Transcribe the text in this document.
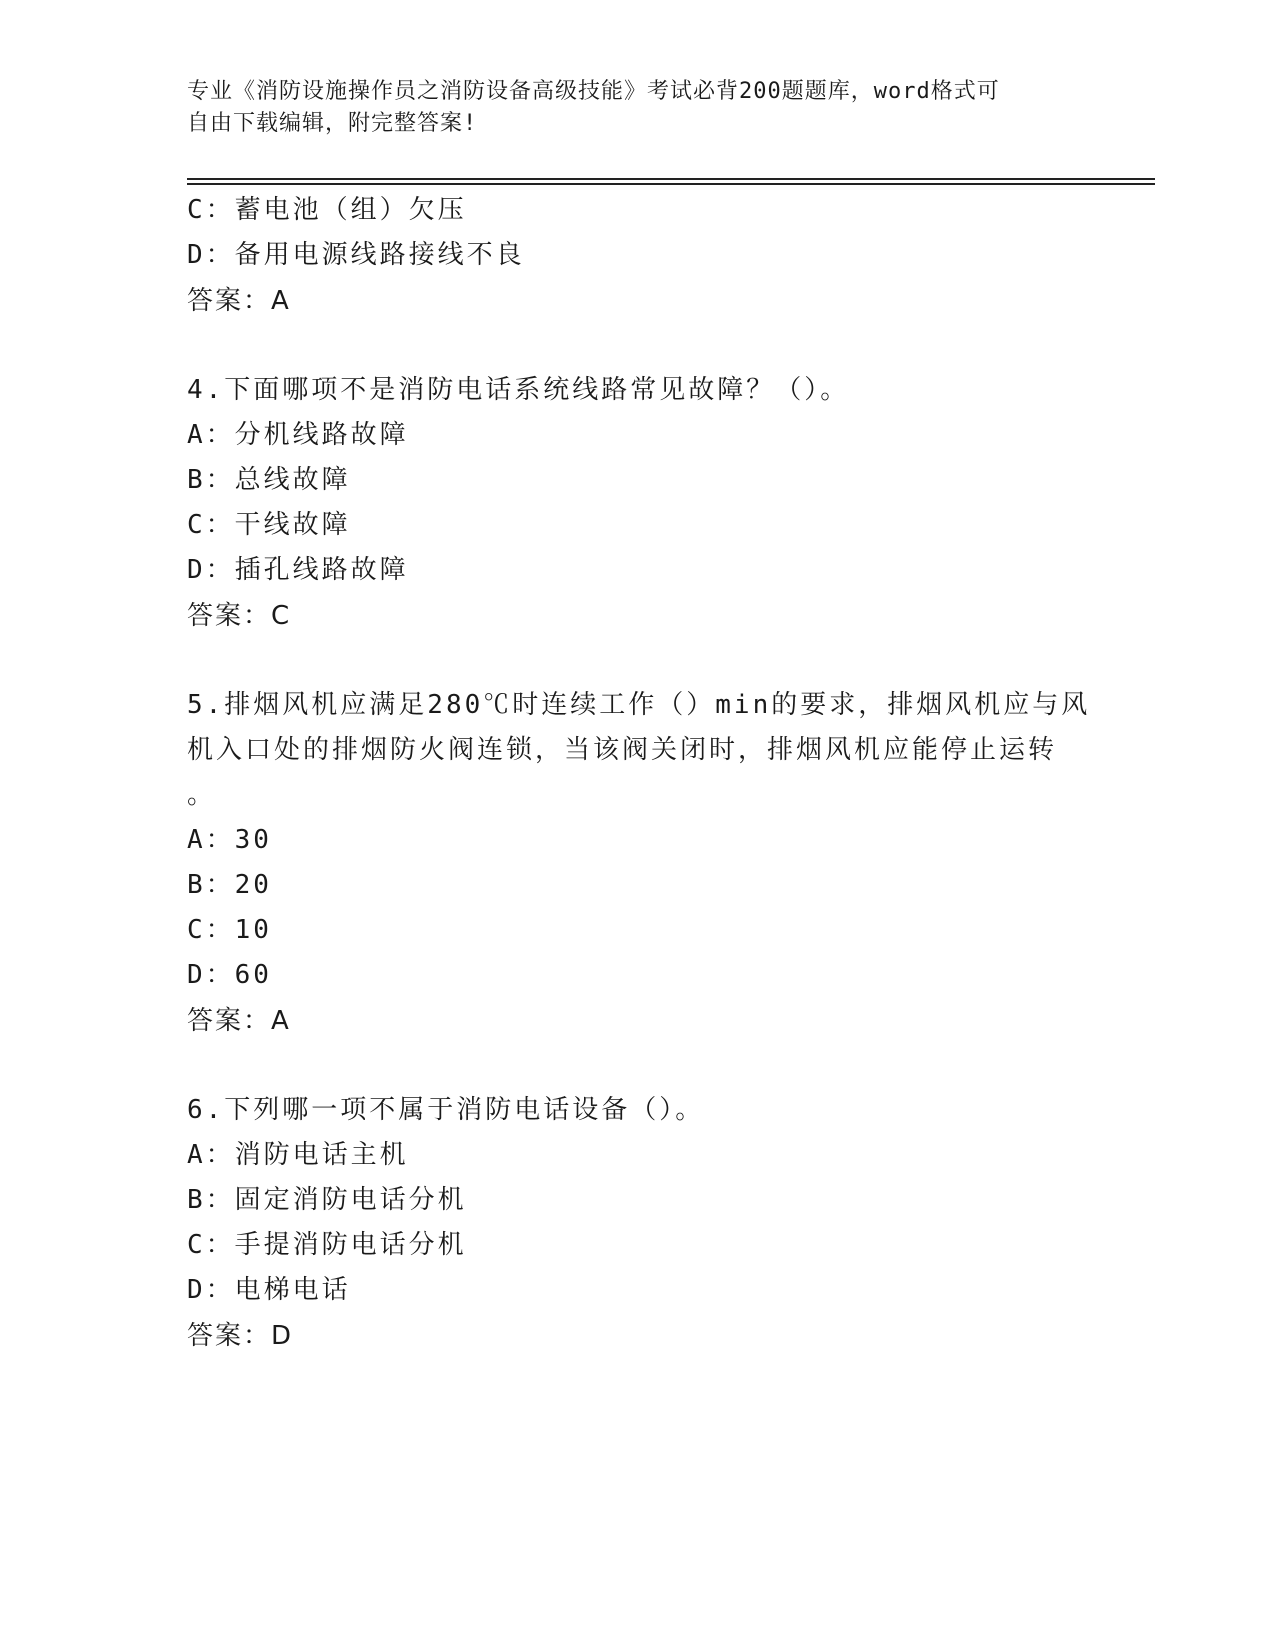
专业《消防设施操作员之消防设备高级技能》考试必背200题题库，word格式可
自由下载编辑，附完整答案!
C：蓄电池（组）欠压
D：备用电源线路接线不良
答案：A
4.下面哪项不是消防电话系统线路常见故障？（）。
A：分机线路故障
B：总线故障
C：干线故障
D：插孔线路故障
答案：C
5.排烟风机应满足280℃时连续工作（）min的要求，排烟风机应与风
机入口处的排烟防火阀连锁，当该阀关闭时，排烟风机应能停止运转
。
A：30
B：20
C：10
D：60
答案：A
6.下列哪一项不属于消防电话设备（）。
A：消防电话主机
B：固定消防电话分机
C：手提消防电话分机
D：电梯电话
答案：D
